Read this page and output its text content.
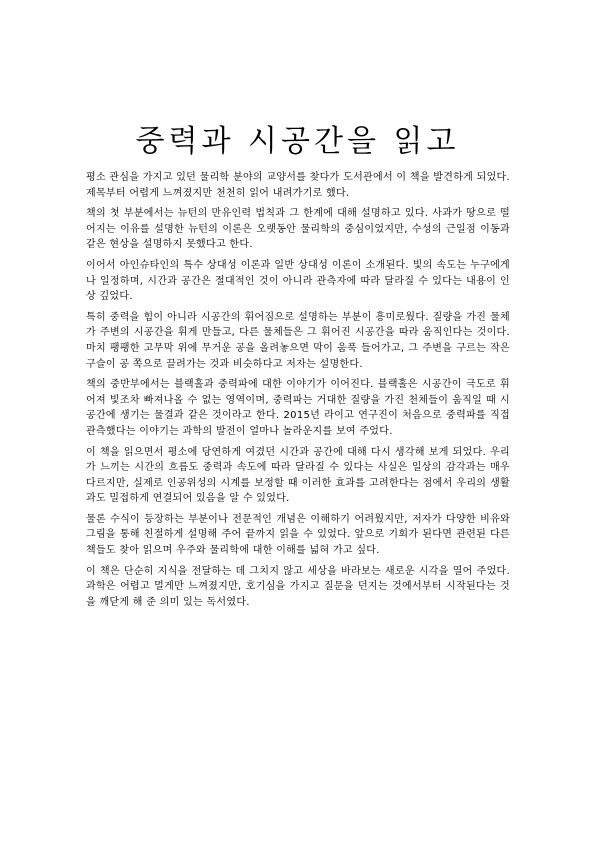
중력과 시공간을 읽고

평소 관심을 가지고 있던 물리학 분야의 교양서를 찾다가 도서관에서 이 책을 발견하게 되었다. 제목부터 어렵게 느껴졌지만 천천히 읽어 내려가기로 했다.

책의 첫 부분에서는 뉴턴의 만유인력 법칙과 그 한계에 대해 설명하고 있다. 사과가 땅으로 떨어지는 이유를 설명한 뉴턴의 이론은 오랫동안 물리학의 중심이었지만, 수성의 근일점 이동과 같은 현상을 설명하지 못했다고 한다.

이어서 아인슈타인의 특수 상대성 이론과 일반 상대성 이론이 소개된다. 빛의 속도는 누구에게나 일정하며, 시간과 공간은 절대적인 것이 아니라 관측자에 따라 달라질 수 있다는 내용이 인상 깊었다.

특히 중력을 힘이 아니라 시공간의 휘어짐으로 설명하는 부분이 흥미로웠다. 질량을 가진 물체가 주변의 시공간을 휘게 만들고, 다른 물체들은 그 휘어진 시공간을 따라 움직인다는 것이다. 마치 팽팽한 고무막 위에 무거운 공을 올려놓으면 막이 움푹 들어가고, 그 주변을 구르는 작은 구슬이 공 쪽으로 끌려가는 것과 비슷하다고 저자는 설명한다.

책의 중반부에서는 블랙홀과 중력파에 대한 이야기가 이어진다. 블랙홀은 시공간이 극도로 휘어져 빛조차 빠져나올 수 없는 영역이며, 중력파는 거대한 질량을 가진 천체들이 움직일 때 시공간에 생기는 물결과 같은 것이라고 한다. 2015년 라이고 연구진이 처음으로 중력파를 직접 관측했다는 이야기는 과학의 발전이 얼마나 놀라운지를 보여 주었다.

이 책을 읽으면서 평소에 당연하게 여겼던 시간과 공간에 대해 다시 생각해 보게 되었다. 우리가 느끼는 시간의 흐름도 중력과 속도에 따라 달라질 수 있다는 사실은 일상의 감각과는 매우 다르지만, 실제로 인공위성의 시계를 보정할 때 이러한 효과를 고려한다는 점에서 우리의 생활과도 밀접하게 연결되어 있음을 알 수 있었다.

물론 수식이 등장하는 부분이나 전문적인 개념은 이해하기 어려웠지만, 저자가 다양한 비유와 그림을 통해 친절하게 설명해 주어 끝까지 읽을 수 있었다. 앞으로 기회가 된다면 관련된 다른 책들도 찾아 읽으며 우주와 물리학에 대한 이해를 넓혀 가고 싶다.

이 책은 단순히 지식을 전달하는 데 그치지 않고 세상을 바라보는 새로운 시각을 열어 주었다. 과학은 어렵고 멀게만 느껴졌지만, 호기심을 가지고 질문을 던지는 것에서부터 시작된다는 것을 깨닫게 해 준 의미 있는 독서였다.
